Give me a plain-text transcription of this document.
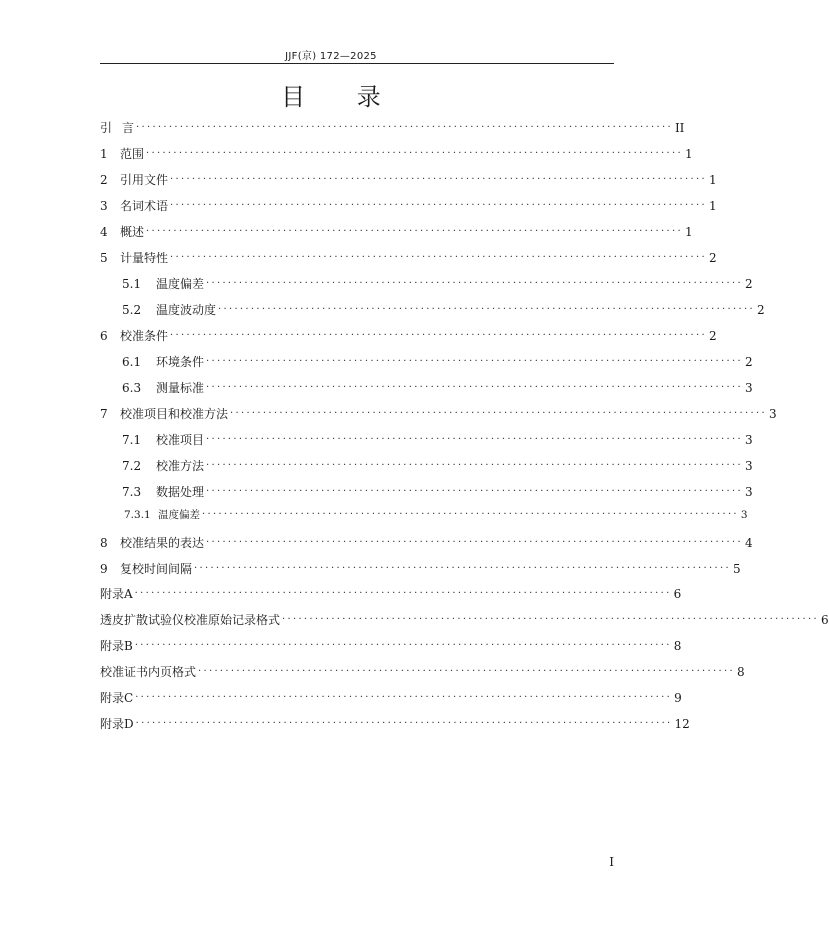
JJF(京) 172—2025
目 录
引 言 ·································································································· II
1 范围 ·································································································· 1
2 引用文件 ·································································································· 1
3 名词术语 ·································································································· 1
4 概述 ·································································································· 1
5 计量特性 ·································································································· 2
5.1 温度偏差 ·································································································· 2
5.2 温度波动度 ·································································································· 2
6 校准条件 ·································································································· 2
6.1 环境条件 ·································································································· 2
6.3 测量标准 ·································································································· 3
7 校准项目和校准方法 ·································································································· 3
7.1 校准项目 ·································································································· 3
7.2 校准方法 ·································································································· 3
7.3 数据处理 ·································································································· 3
7.3.1 温度偏差 ·································································································· 3
8 校准结果的表达 ·································································································· 4
9 复校时间间隔 ·································································································· 5
附录A ·································································································· 6
透皮扩散试验仪校准原始记录格式 ·································································································· 6
附录B ·································································································· 8
校准证书内页格式 ·································································································· 8
附录C ·································································································· 9
附录D ·································································································· 12
I
